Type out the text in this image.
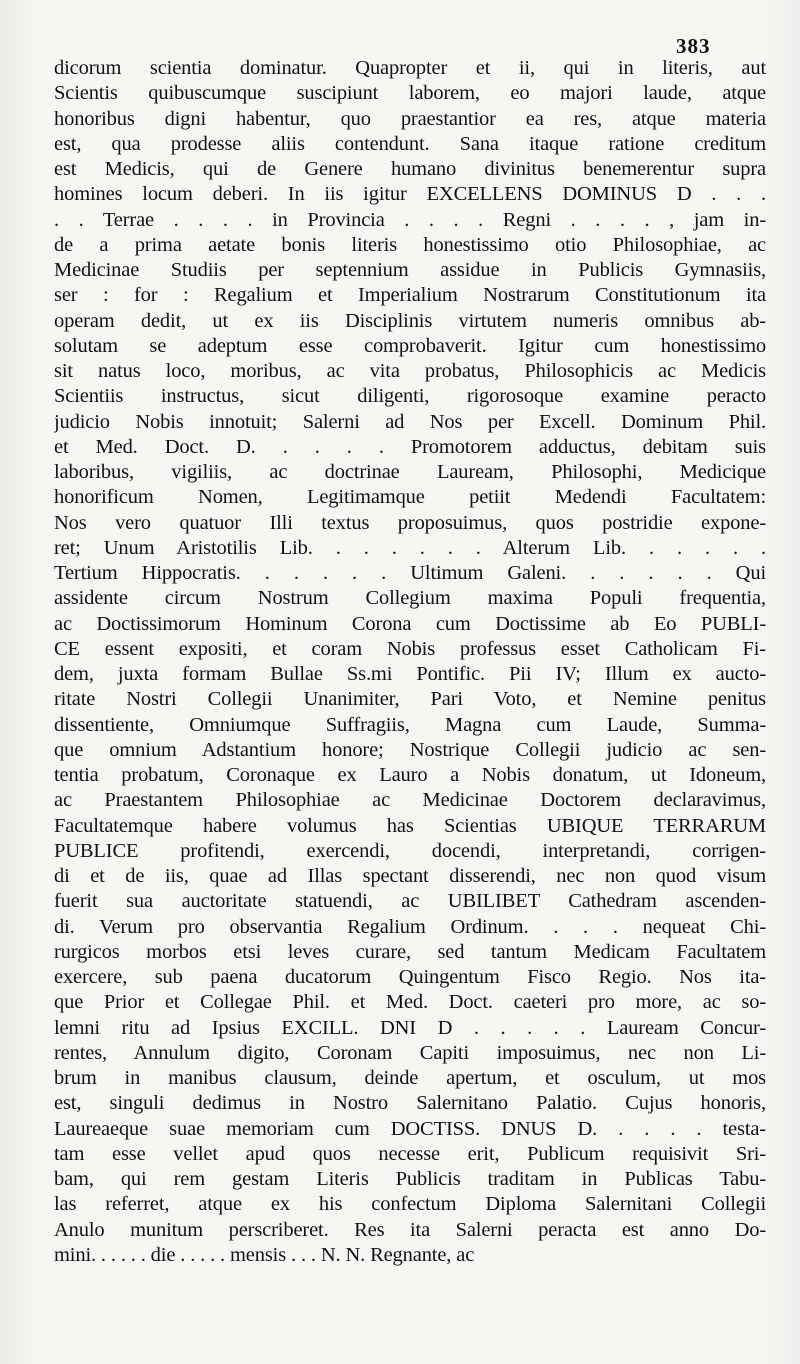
383
dicorum scientia dominatur. Quapropter et ii, qui in literis, aut
Scientis quibuscumque suscipiunt laborem, eo majori laude, atque
honoribus digni habentur, quo praestantior ea res, atque materia
est, qua prodesse aliis contendunt. Sana itaque ratione creditum
est Medicis, qui de Genere humano divinitus benemerentur supra
homines locum deberi. In iis igitur EXCELLENS DOMINUS D . . .
. . Terrae . . . . in Provincia . . . . Regni . . . . , jam in-
de a prima aetate bonis literis honestissimo otio Philosophiae, ac
Medicinae Studiis per septennium assidue in Publicis Gymnasiis,
ser : for : Regalium et Imperialium Nostrarum Constitutionum ita
operam dedit, ut ex iis Disciplinis virtutem numeris omnibus ab-
solutam se adeptum esse comprobaverit. Igitur cum honestissimo
sit natus loco, moribus, ac vita probatus, Philosophicis ac Medicis
Scientiis instructus, sicut diligenti, rigorosoque examine peracto
judicio Nobis innotuit; Salerni ad Nos per Excell. Dominum Phil.
et Med. Doct. D. . . . . Promotorem adductus, debitam suis
laboribus, vigiliis, ac doctrinae Lauream, Philosophi, Medicique
honorificum Nomen, Legitimamque petiit Medendi Facultatem:
Nos vero quatuor Illi textus proposuimus, quos postridie expone-
ret; Unum Aristotilis Lib. . . . . . . Alterum Lib. . . . . .
Tertium Hippocratis. . . . . . Ultimum Galeni. . . . . . Qui
assidente circum Nostrum Collegium maxima Populi frequentia,
ac Doctissimorum Hominum Corona cum Doctissime ab Eo PUBLI-
CE essent expositi, et coram Nobis professus esset Catholicam Fi-
dem, juxta formam Bullae Ss.mi Pontific. Pii IV; Illum ex aucto-
ritate Nostri Collegii Unanimiter, Pari Voto, et Nemine penitus
dissentiente, Omniumque Suffragiis, Magna cum Laude, Summa-
que omnium Adstantium honore; Nostrique Collegii judicio ac sen-
tentia probatum, Coronaque ex Lauro a Nobis donatum, ut Idoneum,
ac Praestantem Philosophiae ac Medicinae Doctorem declaravimus,
Facultatemque habere volumus has Scientias UBIQUE TERRARUM
PUBLICE profitendi, exercendi, docendi, interpretandi, corrigen-
di et de iis, quae ad Illas spectant disserendi, nec non quod visum
fuerit sua auctoritate statuendi, ac UBILIBET Cathedram ascenden-
di. Verum pro observantia Regalium Ordinum. . . . nequeat Chi-
rurgicos morbos etsi leves curare, sed tantum Medicam Facultatem
exercere, sub paena ducatorum Quingentum Fisco Regio. Nos ita-
que Prior et Collegae Phil. et Med. Doct. caeteri pro more, ac so-
lemni ritu ad Ipsius EXCILL. DNI D . . . . . Lauream Concur-
rentes, Annulum digito, Coronam Capiti imposuimus, nec non Li-
brum in manibus clausum, deinde apertum, et osculum, ut mos
est, singuli dedimus in Nostro Salernitano Palatio. Cujus honoris,
Laureaeque suae memoriam cum DOCTISS. DNUS D. . . . . testa-
tam esse vellet apud quos necesse erit, Publicum requisivit Sri-
bam, qui rem gestam Literis Publicis traditam in Publicas Tabu-
las referret, atque ex his confectum Diploma Salernitani Collegii
Anulo munitum perscriberet. Res ita Salerni peracta est anno Do-
mini. . . . . . die . . . . . mensis . . . N. N. Regnante, ac
